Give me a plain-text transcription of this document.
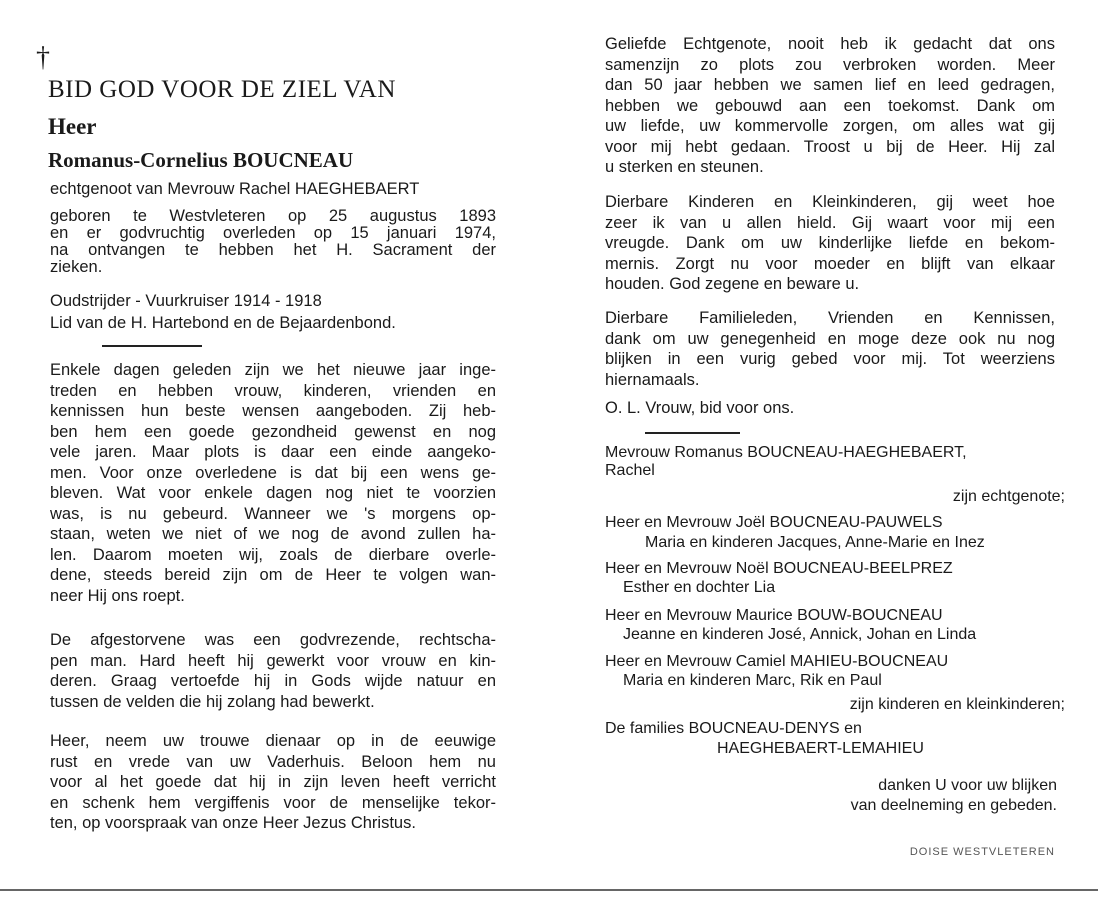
†
BID GOD VOOR DE ZIEL VAN
Heer
Romanus-Cornelius BOUCNEAU
echtgenoot van Mevrouw Rachel HAEGHEBAERT
geboren te Westvleteren op 25 augustus 1893
en er godvruchtig overleden op 15 januari 1974,
na ontvangen te hebben het H. Sacrament der
zieken.
Oudstrijder - Vuurkruiser 1914 - 1918
Lid van de H. Hartebond en de Bejaardenbond.
Enkele dagen geleden zijn we het nieuwe jaar inge-
treden en hebben vrouw, kinderen, vrienden en
kennissen hun beste wensen aangeboden. Zij heb-
ben hem een goede gezondheid gewenst en nog
vele jaren. Maar plots is daar een einde aangeko-
men. Voor onze overledene is dat bij een wens ge-
bleven. Wat voor enkele dagen nog niet te voorzien
was, is nu gebeurd. Wanneer we 's morgens op-
staan, weten we niet of we nog de avond zullen ha-
len. Daarom moeten wij, zoals de dierbare overle-
dene, steeds bereid zijn om de Heer te volgen wan-
neer Hij ons roept.
De afgestorvene was een godvrezende, rechtscha-
pen man. Hard heeft hij gewerkt voor vrouw en kin-
deren. Graag vertoefde hij in Gods wijde natuur en
tussen de velden die hij zolang had bewerkt.
Heer, neem uw trouwe dienaar op in de eeuwige
rust en vrede van uw Vaderhuis. Beloon hem nu
voor al het goede dat hij in zijn leven heeft verricht
en schenk hem vergiffenis voor de menselijke tekor-
ten, op voorspraak van onze Heer Jezus Christus.
Geliefde Echtgenote, nooit heb ik gedacht dat ons
samenzijn zo plots zou verbroken worden. Meer
dan 50 jaar hebben we samen lief en leed gedragen,
hebben we gebouwd aan een toekomst. Dank om
uw liefde, uw kommervolle zorgen, om alles wat gij
voor mij hebt gedaan. Troost u bij de Heer. Hij zal
u sterken en steunen.
Dierbare Kinderen en Kleinkinderen, gij weet hoe
zeer ik van u allen hield. Gij waart voor mij een
vreugde. Dank om uw kinderlijke liefde en bekom-
mernis. Zorgt nu voor moeder en blijft van elkaar
houden. God zegene en beware u.
Dierbare Familieleden, Vrienden en Kennissen,
dank om uw genegenheid en moge deze ook nu nog
blijken in een vurig gebed voor mij. Tot weerziens
hiernamaals.
O. L. Vrouw, bid voor ons.
Mevrouw Romanus BOUCNEAU-HAEGHEBAERT,
Rachel
zijn echtgenote;
Heer en Mevrouw Joël BOUCNEAU-PAUWELS
Maria en kinderen Jacques, Anne-Marie en Inez
Heer en Mevrouw Noël BOUCNEAU-BEELPREZ
Esther en dochter Lia
Heer en Mevrouw Maurice BOUW-BOUCNEAU
Jeanne en kinderen José, Annick, Johan en Linda
Heer en Mevrouw Camiel MAHIEU-BOUCNEAU
Maria en kinderen Marc, Rik en Paul
zijn kinderen en kleinkinderen;
De families BOUCNEAU-DENYS en
HAEGHEBAERT-LEMAHIEU
danken U voor uw blijken
van deelneming en gebeden.
DOISE WESTVLETEREN
